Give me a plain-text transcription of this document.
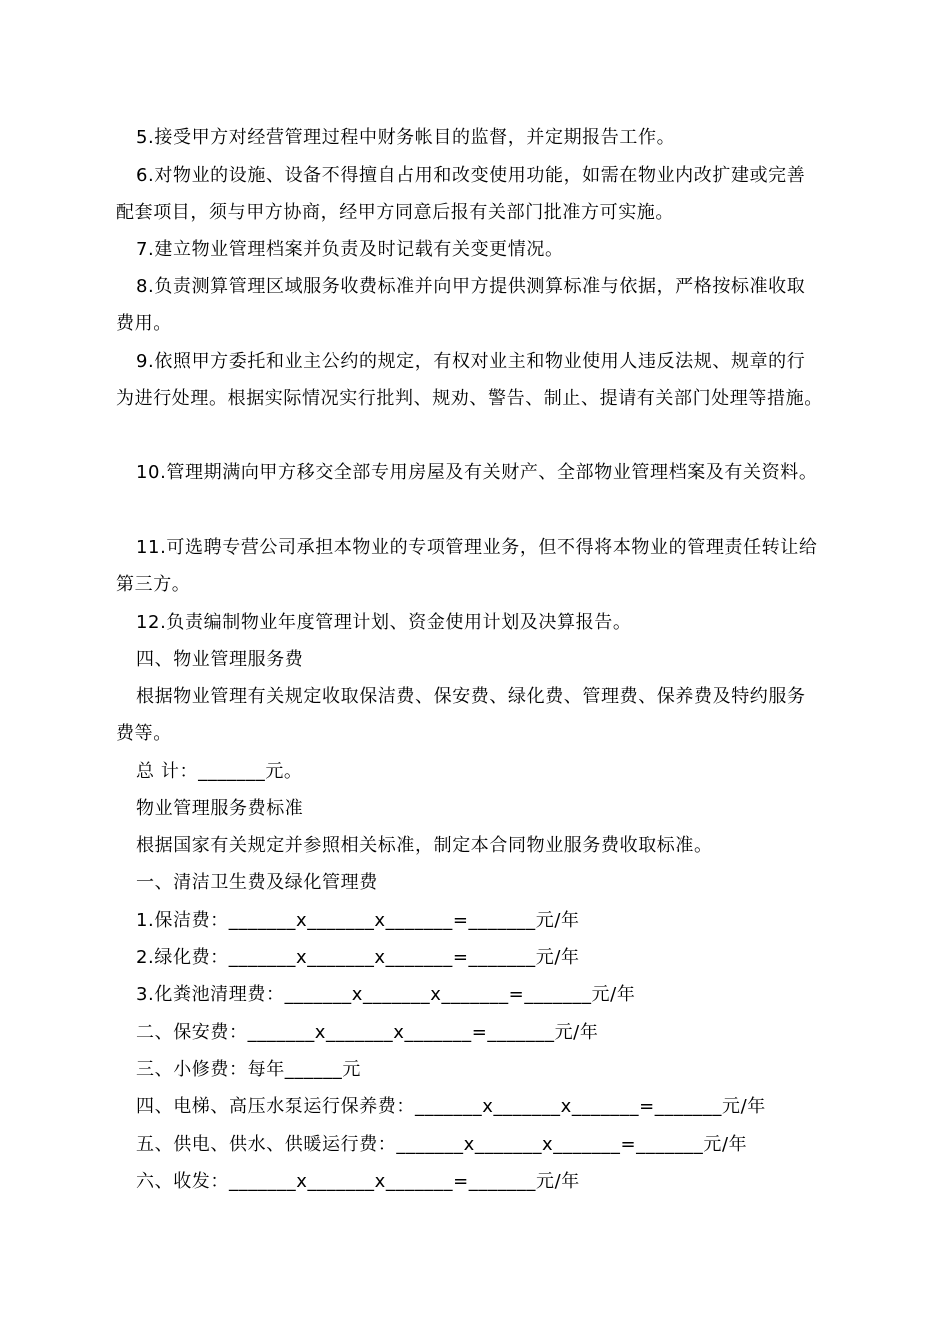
5.接受甲方对经营管理过程中财务帐目的监督，并定期报告工作。
6.对物业的设施、设备不得擅自占用和改变使用功能，如需在物业内改扩建或完善
配套项目，须与甲方协商，经甲方同意后报有关部门批准方可实施。
7.建立物业管理档案并负责及时记载有关变更情况。
8.负责测算管理区域服务收费标准并向甲方提供测算标准与依据，严格按标准收取
费用。
9.依照甲方委托和业主公约的规定，有权对业主和物业使用人违反法规、规章的行
为进行处理。根据实际情况实行批判、规劝、警告、制止、提请有关部门处理等措施。
10.管理期满向甲方移交全部专用房屋及有关财产、全部物业管理档案及有关资料。
11.可选聘专营公司承担本物业的专项管理业务，但不得将本物业的管理责任转让给
第三方。
12.负责编制物业年度管理计划、资金使用计划及决算报告。
四、物业管理服务费
根据物业管理有关规定收取保洁费、保安费、绿化费、管理费、保养费及特约服务
费等。
总 计：_______元。
物业管理服务费标准
根据国家有关规定并参照相关标准，制定本合同物业服务费收取标准。
一、清洁卫生费及绿化管理费
1.保洁费：_______x_______x_______=_______元/年
2.绿化费：_______x_______x_______=_______元/年
3.化粪池清理费：_______x_______x_______=_______元/年
二、保安费：_______x_______x_______=_______元/年
三、小修费：每年______元
四、电梯、高压水泵运行保养费：_______x_______x_______=_______元/年
五、供电、供水、供暖运行费：_______x_______x_______=_______元/年
六、收发：_______x_______x_______=_______元/年
